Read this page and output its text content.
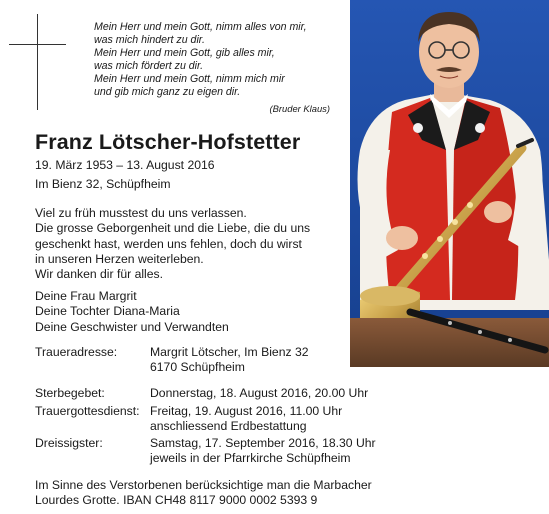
Mein Herr und mein Gott, nimm alles von mir,
was mich hindert zu dir.
Mein Herr und mein Gott, gib alles mir,
was mich fördert zu dir.
Mein Herr und mein Gott, nimm mich mir
und gib mich ganz zu eigen dir.
(Bruder Klaus)
Franz Lötscher-Hofstetter
19. März 1953 – 13. August 2016
Im Bienz 32, Schüpfheim
Viel zu früh musstest du uns verlassen.
Die grosse Geborgenheit und die Liebe, die du uns
geschenkt hast, werden uns fehlen, doch du wirst
in unseren Herzen weiterleben.
Wir danken dir für alles.
Deine Frau Margrit
Deine Tochter Diana-Maria
Deine Geschwister und Verwandten
Traueradresse:	Margrit Lötscher, Im Bienz 32
6170 Schüpfheim
Sterbegebet:	Donnerstag, 18. August 2016, 20.00 Uhr
Trauergottesdienst: Freitag, 19. August 2016, 11.00 Uhr
anschliessend Erdbestattung
Dreissigster:	Samstag, 17. September 2016, 18.30 Uhr
jeweils in der Pfarrkirche Schüpfheim
Im Sinne des Verstorbenen berücksichtige man die Marbacher
Lourdes Grotte. IBAN CH48 8117 9000 0002 5393 9
